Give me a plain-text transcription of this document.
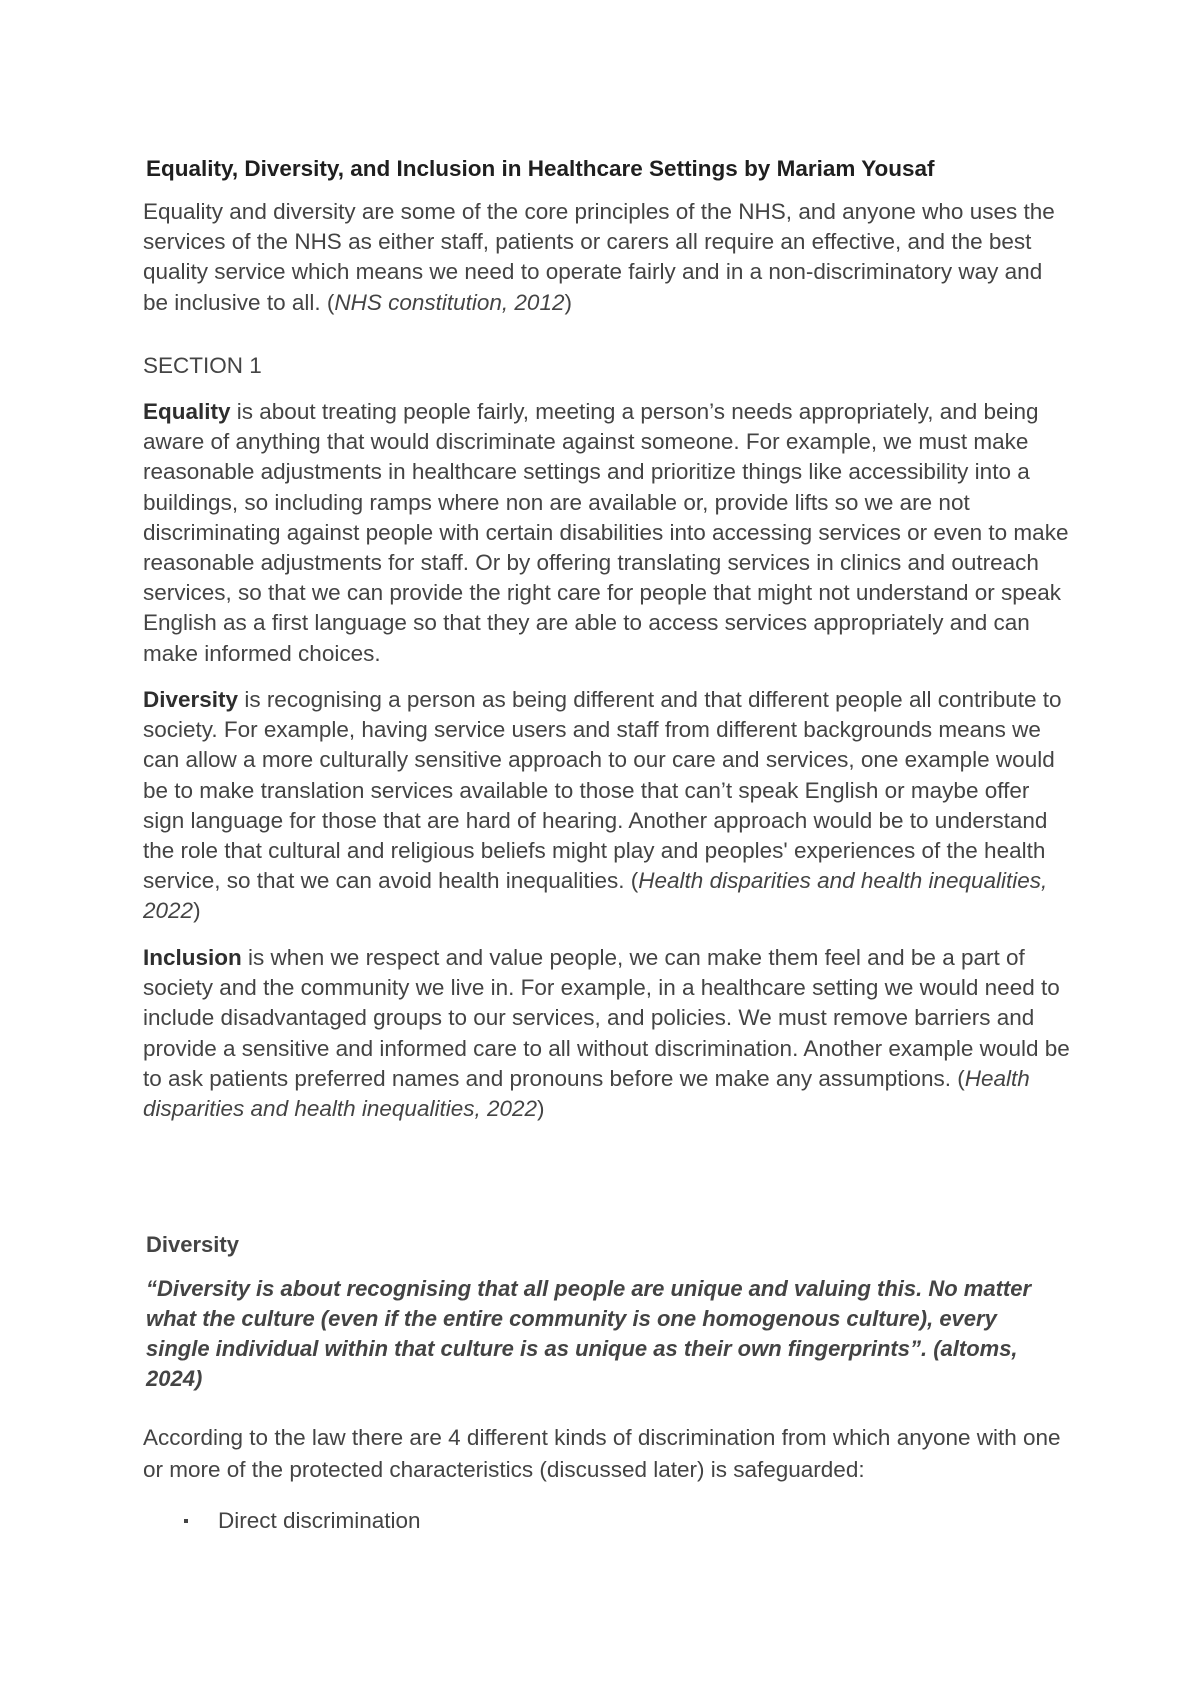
Equality, Diversity, and Inclusion in Healthcare Settings by Mariam Yousaf

Equality and diversity are some of the core principles of the NHS, and anyone who uses the services of the NHS as either staff, patients or carers all require an effective, and the best quality service which means we need to operate fairly and in a non-discriminatory way and be inclusive to all. (NHS constitution, 2012)

SECTION 1

Equality is about treating people fairly, meeting a person’s needs appropriately, and being aware of anything that would discriminate against someone. For example, we must make reasonable adjustments in healthcare settings and prioritize things like accessibility into a buildings, so including ramps where non are available or, provide lifts so we are not discriminating against people with certain disabilities into accessing services or even to make reasonable adjustments for staff. Or by offering translating services in clinics and outreach services, so that we can provide the right care for people that might not understand or speak English as a first language so that they are able to access services appropriately and can make informed choices.

Diversity is recognising a person as being different and that different people all contribute to society. For example, having service users and staff from different backgrounds means we can allow a more culturally sensitive approach to our care and services, one example would be to make translation services available to those that can’t speak English or maybe offer sign language for those that are hard of hearing. Another approach would be to understand the role that cultural and religious beliefs might play and peoples' experiences of the health service, so that we can avoid health inequalities. (Health disparities and health inequalities, 2022)

Inclusion is when we respect and value people, we can make them feel and be a part of society and the community we live in. For example, in a healthcare setting we would need to include disadvantaged groups to our services, and policies. We must remove barriers and provide a sensitive and informed care to all without discrimination. Another example would be to ask patients preferred names and pronouns before we make any assumptions. (Health disparities and health inequalities, 2022)

Diversity

“Diversity is about recognising that all people are unique and valuing this. No matter what the culture (even if the entire community is one homogenous culture), every single individual within that culture is as unique as their own fingerprints”. (altoms, 2024)

According to the law there are 4 different kinds of discrimination from which anyone with one or more of the protected characteristics (discussed later) is safeguarded:

Direct discrimination
